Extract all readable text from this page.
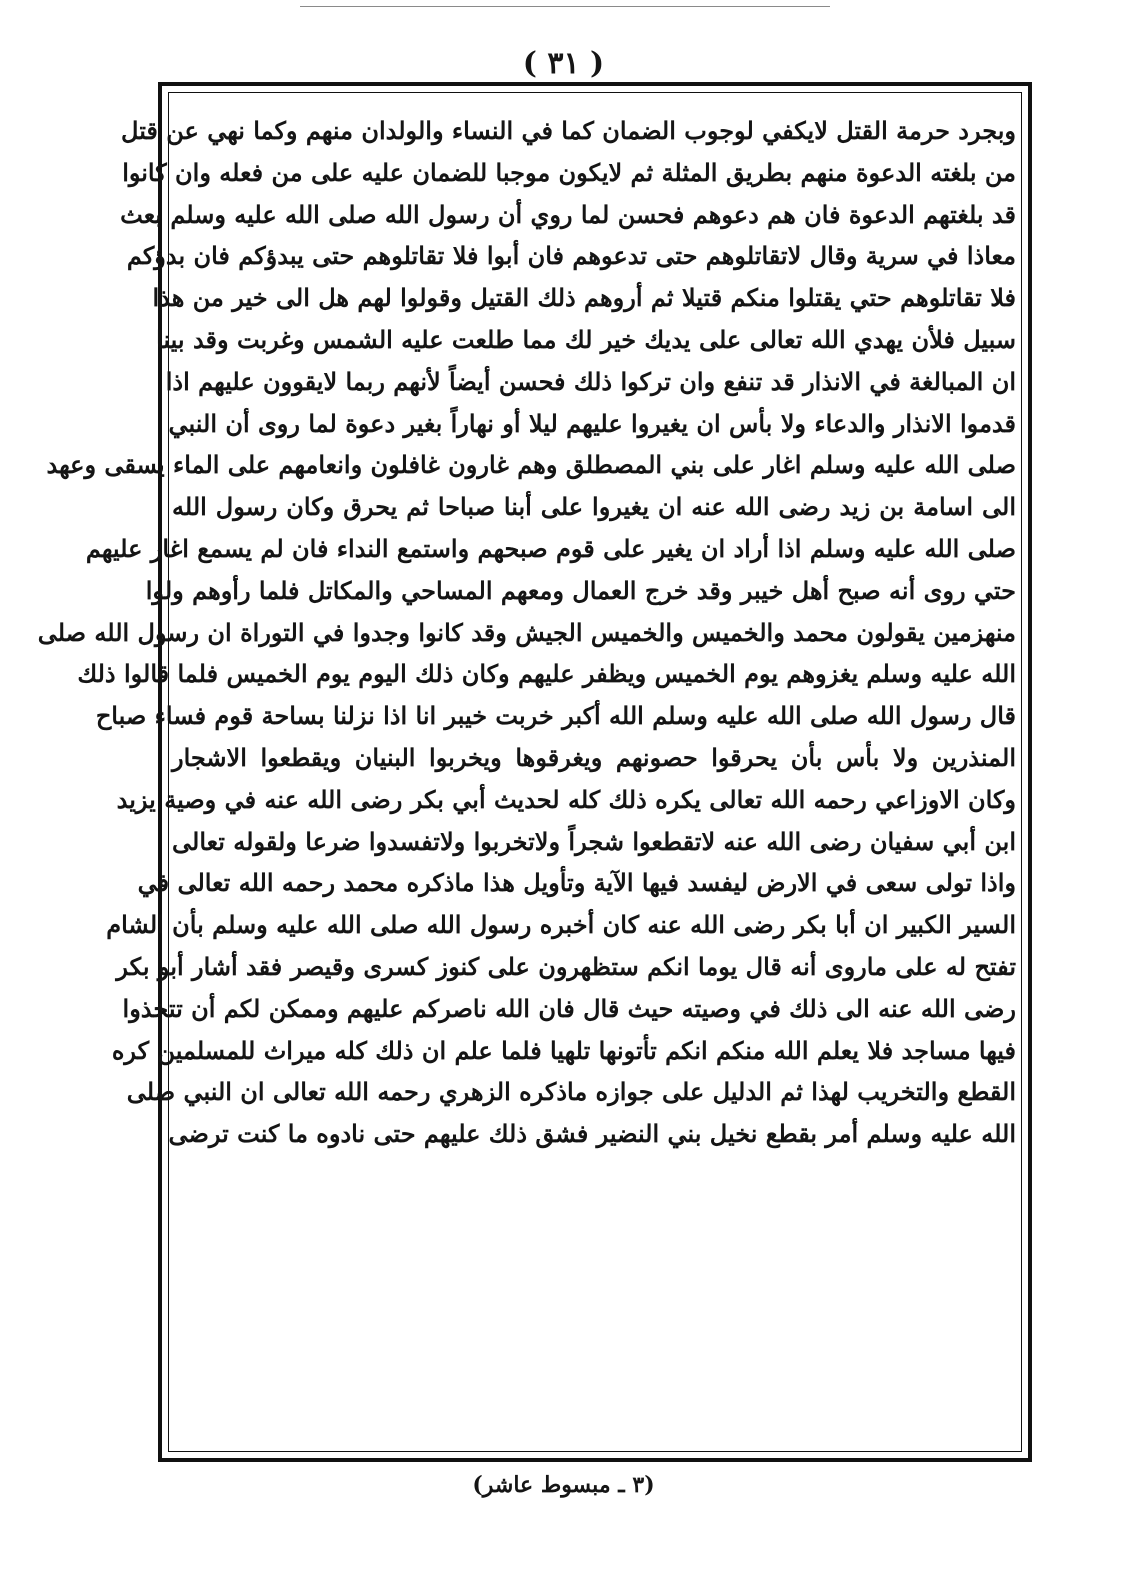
( ٣١ )
وبجرد حرمة القتل لايكفي لوجوب الضمان كما في النساء والولدان منهم وكما نهي عن قتل
من بلغته الدعوة منهم بطريق المثلة ثم لايكون موجبا للضمان عليه على من فعله وان كانوا
قد بلغتهم الدعوة فان هم دعوهم فحسن لما روي أن رسول الله صلى الله عليه وسلم بعث
معاذا في سرية وقال لاتقاتلوهم حتى تدعوهم فان أبوا فلا تقاتلوهم حتى يبدؤكم فان بدؤكم
فلا تقاتلوهم حتي يقتلوا منكم قتيلا ثم أروهم ذلك القتيل وقولوا لهم هل الى خير من هذا
سبيل فلأن يهدي الله تعالى على يديك خير لك مما طلعت عليه الشمس وغربت وقد بينا
ان المبالغة في الانذار قد تنفع وان تركوا ذلك فحسن أيضاً لأنهم ربما لايقوون عليهم اذا
قدموا الانذار والدعاء ولا بأس ان يغيروا عليهم ليلا أو نهاراً بغير دعوة لما روى أن النبي
صلى الله عليه وسلم اغار على بني المصطلق وهم غارون غافلون وانعامهم على الماء يسقى وعهد
الى اسامة بن زيد رضى الله عنه ان يغيروا على أبنا صباحا ثم يحرق وكان رسول الله
صلى الله عليه وسلم اذا أراد ان يغير على قوم صبحهم واستمع النداء فان لم يسمع اغار عليهم
حتي روى أنه صبح أهل خيبر وقد خرج العمال ومعهم المساحي والمكاتل فلما رأوهم ولوا
منهزمين يقولون محمد والخميس والخميس الجيش وقد كانوا وجدوا في التوراة ان رسول الله صلى
الله عليه وسلم يغزوهم يوم الخميس ويظفر عليهم وكان ذلك اليوم يوم الخميس فلما قالوا ذلك
قال رسول الله صلى الله عليه وسلم الله أكبر خربت خيبر انا اذا نزلنا بساحة قوم فساء صباح
المنذرين ولا بأس بأن يحرقوا حصونهم ويغرقوها ويخربوا البنيان ويقطعوا الاشجار
وكان الاوزاعي رحمه الله تعالى يكره ذلك كله لحديث أبي بكر رضى الله عنه في وصية يزيد
ابن أبي سفيان رضى الله عنه لاتقطعوا شجراً ولاتخربوا ولاتفسدوا ضرعا ولقوله تعالى
واذا تولى سعى في الارض ليفسد فيها الآية وتأويل هذا ماذكره محمد رحمه الله تعالى في
السير الكبير ان أبا بكر رضى الله عنه كان أخبره رسول الله صلى الله عليه وسلم بأن الشام
تفتح له على ماروى أنه قال يوما انكم ستظهرون على كنوز كسرى وقيصر فقد أشار أبو بكر
رضى الله عنه الى ذلك في وصيته حيث قال فان الله ناصركم عليهم وممكن لكم أن تتخذوا
فيها مساجد فلا يعلم الله منكم انكم تأتونها تلهيا فلما علم ان ذلك كله ميراث للمسلمين كره
القطع والتخريب لهذا ثم الدليل على جوازه ماذكره الزهري رحمه الله تعالى ان النبي صلى
الله عليه وسلم أمر بقطع نخيل بني النضير فشق ذلك عليهم حتى نادوه ما كنت ترضى
(٣ ـ مبسوط عاشر)
